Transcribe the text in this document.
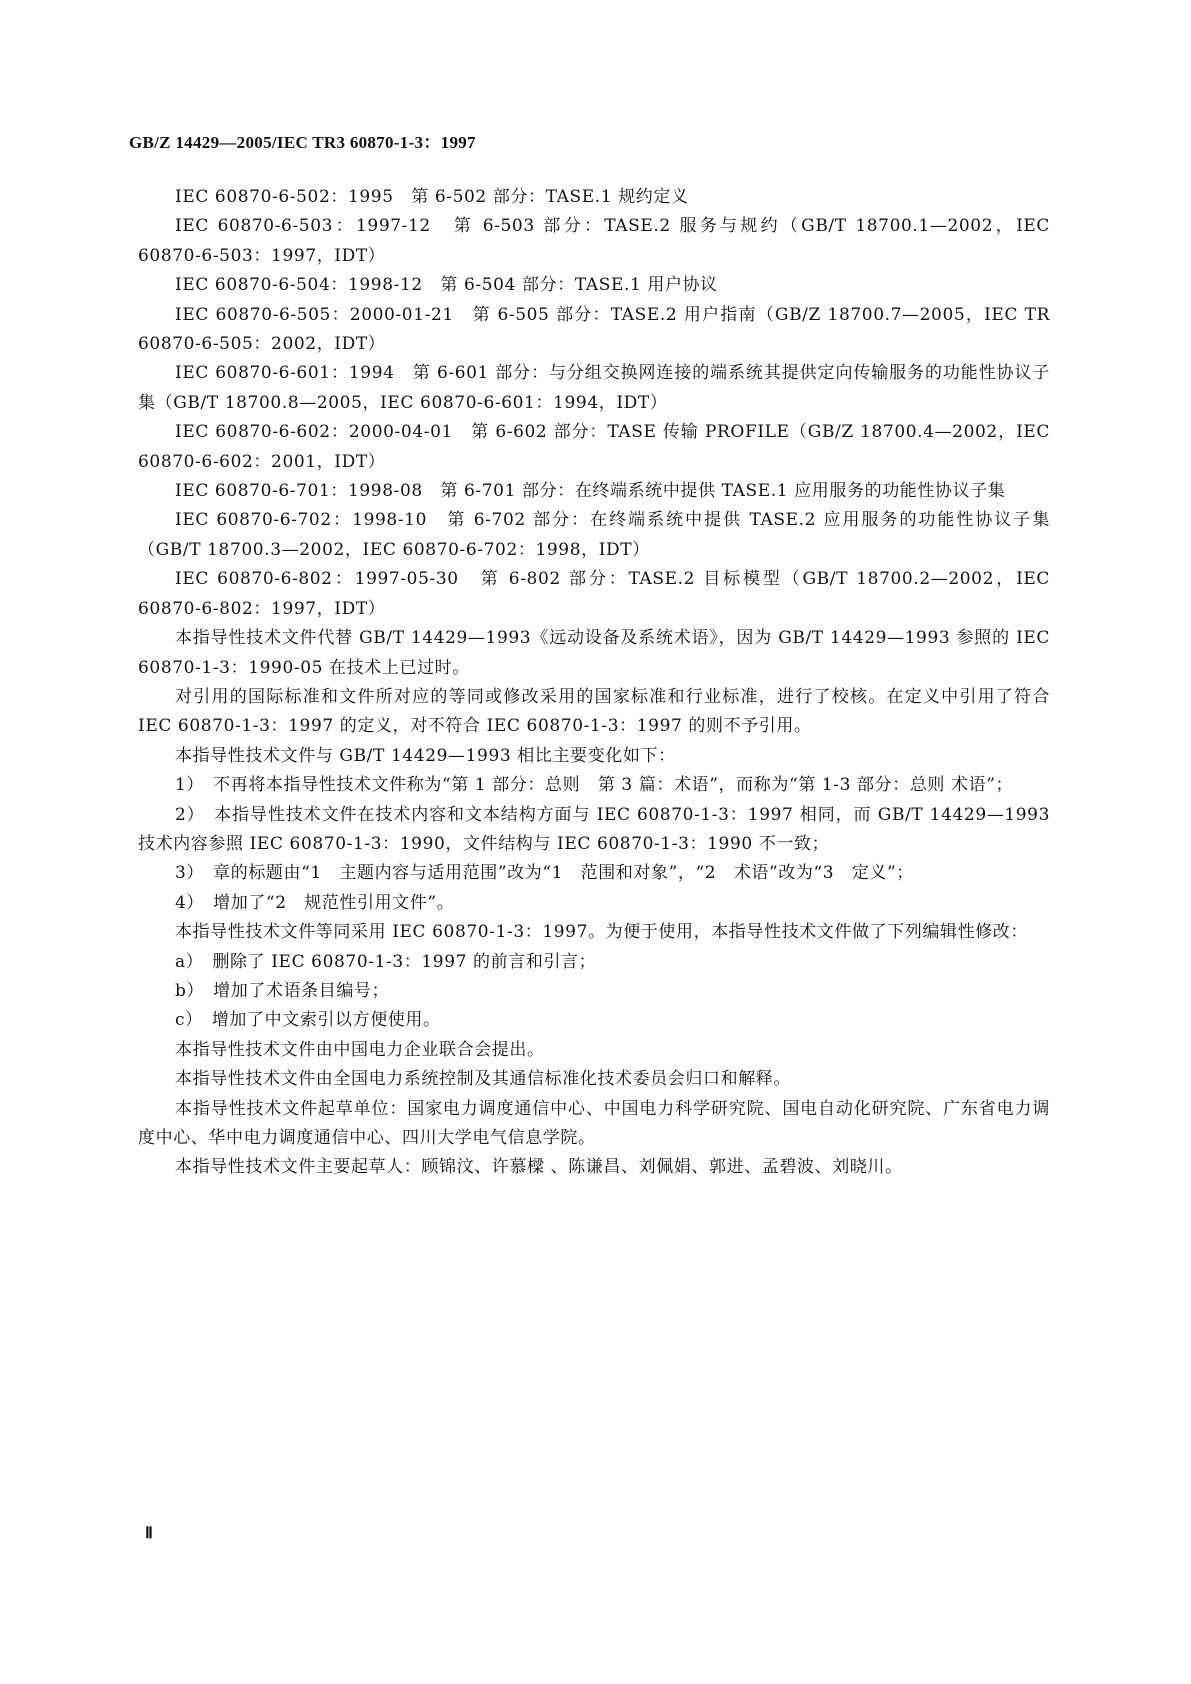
GB/Z 14429—2005/IEC TR3 60870-1-3：1997

IEC 60870-6-502：1995　第 6-502 部分：TASE.1 规约定义

IEC 60870-6-503：1997-12　第 6-503 部分：TASE.2 服务与规约（GB/T 18700.1—2002，IEC 60870-6-503：1997，IDT）

IEC 60870-6-504：1998-12　第 6-504 部分：TASE.1 用户协议

IEC 60870-6-505：2000-01-21　第 6-505 部分：TASE.2 用户指南（GB/Z 18700.7—2005，IEC TR 60870-6-505：2002，IDT）

IEC 60870-6-601：1994　第 6-601 部分：与分组交换网连接的端系统其提供定向传输服务的功能性协议子集（GB/T 18700.8—2005，IEC 60870-6-601：1994，IDT）

IEC 60870-6-602：2000-04-01　第 6-602 部分：TASE 传输 PROFILE（GB/Z 18700.4—2002，IEC 60870-6-602：2001，IDT）

IEC 60870-6-701：1998-08　第 6-701 部分：在终端系统中提供 TASE.1 应用服务的功能性协议子集

IEC 60870-6-702：1998-10　第 6-702 部分：在终端系统中提供 TASE.2 应用服务的功能性协议子集（GB/T 18700.3—2002，IEC 60870-6-702：1998，IDT）

IEC 60870-6-802：1997-05-30　第 6-802 部分：TASE.2 目标模型（GB/T 18700.2—2002，IEC 60870-6-802：1997，IDT）

本指导性技术文件代替 GB/T 14429—1993《远动设备及系统术语》，因为 GB/T 14429—1993 参照的 IEC 60870-1-3：1990-05 在技术上已过时。

对引用的国际标准和文件所对应的等同或修改采用的国家标准和行业标准，进行了校核。在定义中引用了符合 IEC 60870-1-3：1997 的定义，对不符合 IEC 60870-1-3：1997 的则不予引用。

本指导性技术文件与 GB/T 14429—1993 相比主要变化如下：

1）　不再将本指导性技术文件称为“第 1 部分：总则　第 3 篇：术语”，而称为“第 1-3 部分：总则 术语”；

2）　本指导性技术文件在技术内容和文本结构方面与 IEC 60870-1-3：1997 相同，而 GB/T 14429—1993 技术内容参照 IEC 60870-1-3：1990，文件结构与 IEC 60870-1-3：1990 不一致；

3）　章的标题由“1　主题内容与适用范围”改为“1　范围和对象”，“2　术语”改为“3　定义”；

4）　增加了“2　规范性引用文件”。

本指导性技术文件等同采用 IEC 60870-1-3：1997。为便于使用，本指导性技术文件做了下列编辑性修改：

a）　删除了 IEC 60870-1-3：1997 的前言和引言；

b）　增加了术语条目编号；

c）　增加了中文索引以方便使用。

本指导性技术文件由中国电力企业联合会提出。

本指导性技术文件由全国电力系统控制及其通信标准化技术委员会归口和解释。

本指导性技术文件起草单位：国家电力调度通信中心、中国电力科学研究院、国电自动化研究院、广东省电力调度中心、华中电力调度通信中心、四川大学电气信息学院。

本指导性技术文件主要起草人：顾锦汶、许慕樑 、陈谦昌、刘佩娟、郭进、孟碧波、刘晓川。

Ⅱ
